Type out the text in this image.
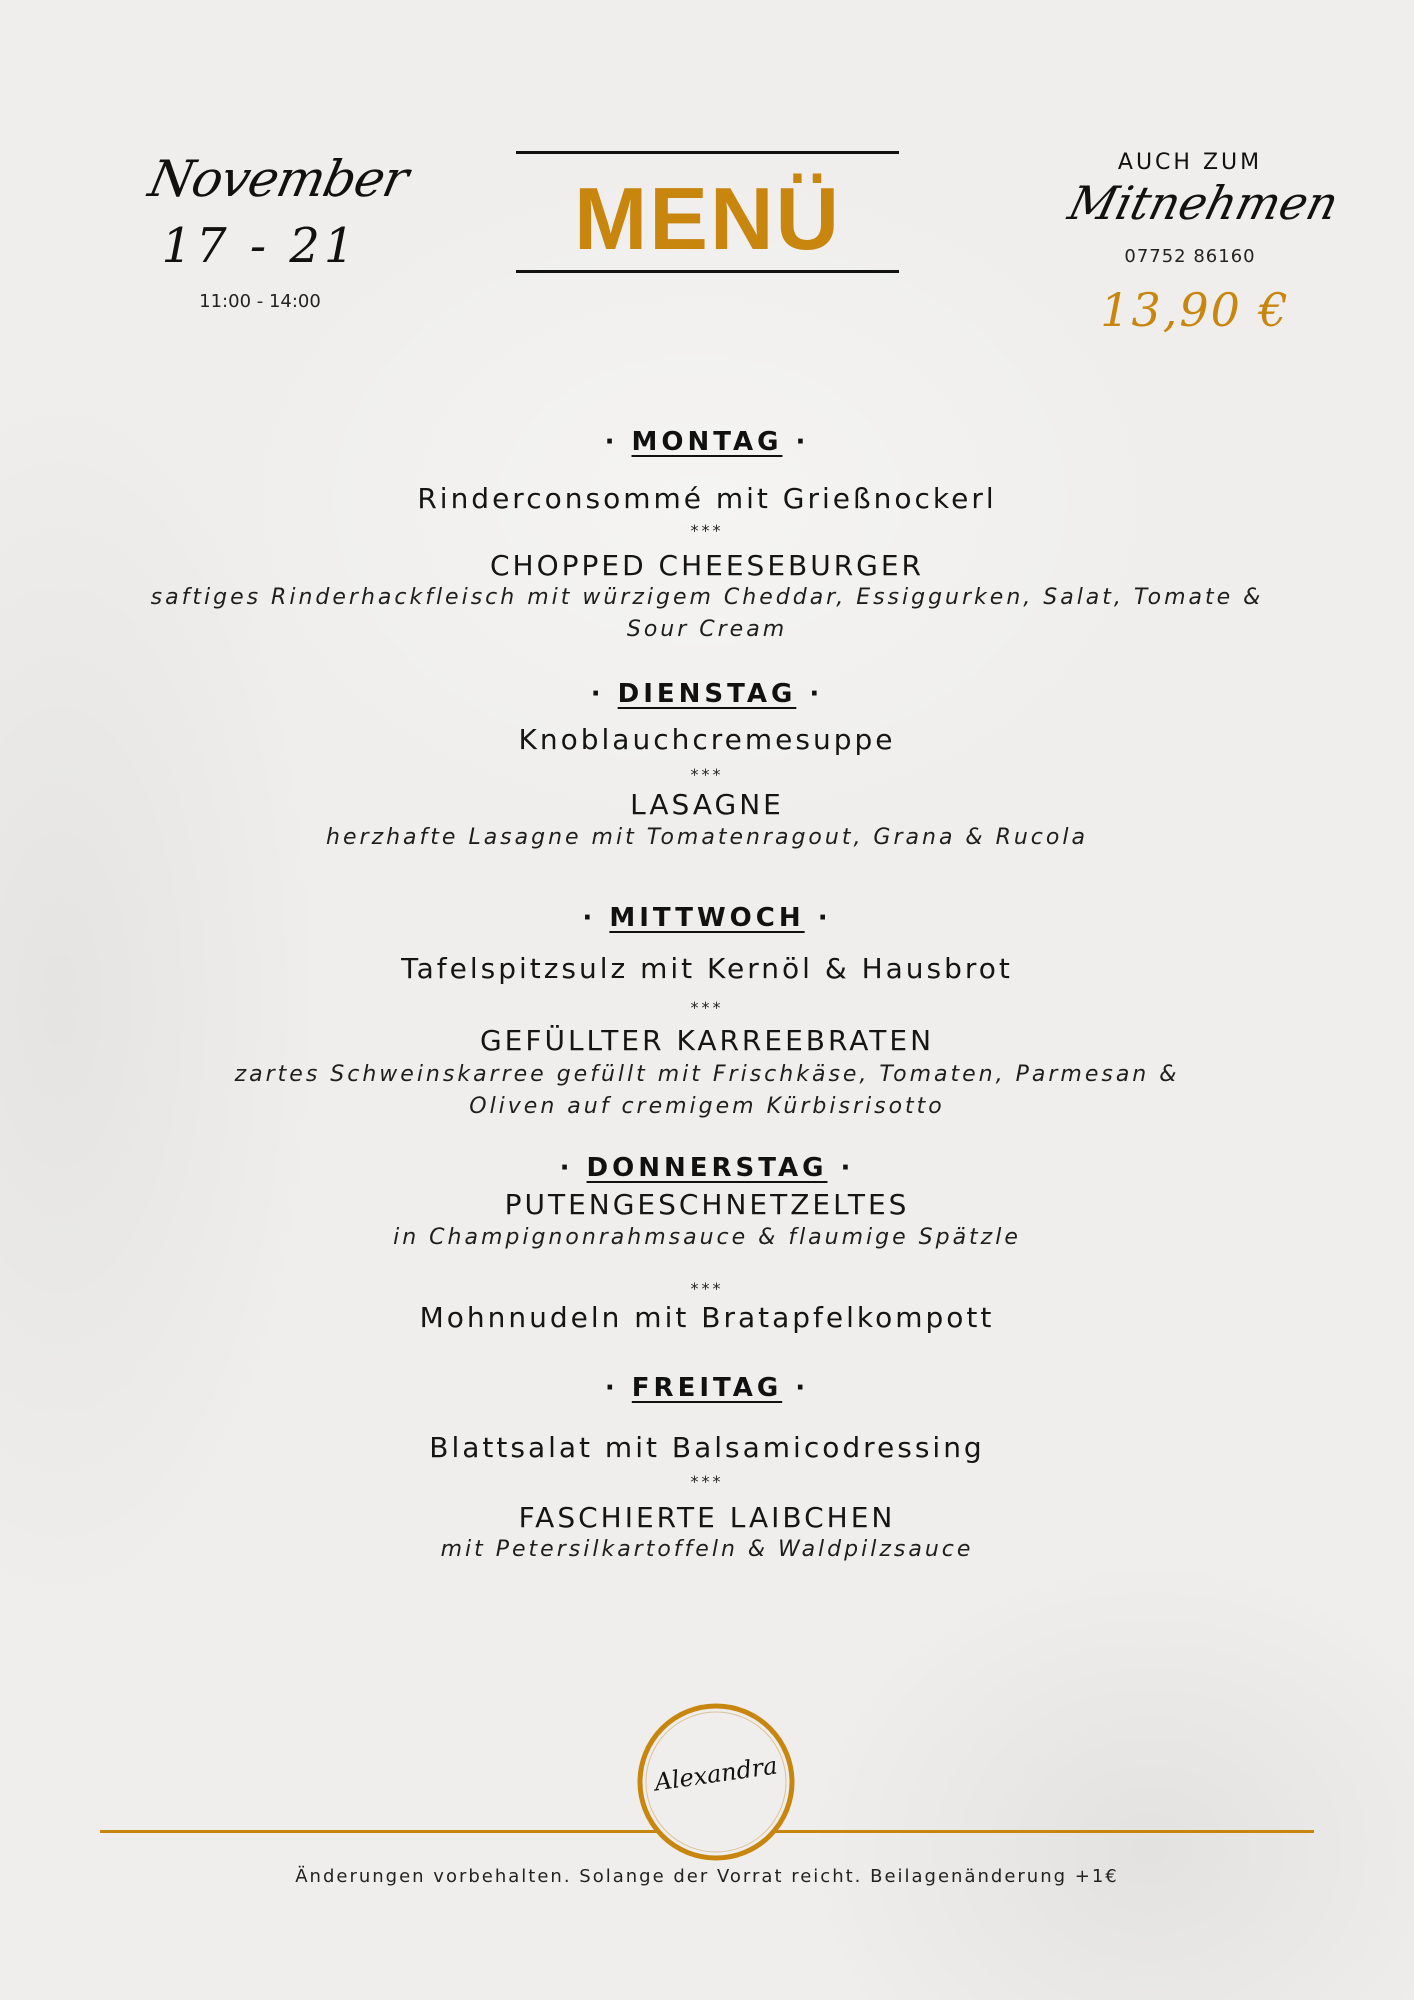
November
17 - 21
11:00 - 14:00
MENÜ
AUCH ZUM
Mitnehmen
07752 86160
13,90 €
· MONTAG ·
Rinderconsommé mit Grießnockerl
***
CHOPPED CHEESEBURGER
saftiges Rinderhackfleisch mit würzigem Cheddar, Essiggurken, Salat, Tomate & Sour Cream
· DIENSTAG ·
Knoblauchcremesuppe
***
LASAGNE
herzhafte Lasagne mit Tomatenragout, Grana & Rucola
· MITTWOCH ·
Tafelspitzsulz mit Kernöl & Hausbrot
***
GEFÜLLTER KARREEBRATEN
zartes Schweinskarree gefüllt mit Frischkäse, Tomaten, Parmesan & Oliven auf cremigem Kürbisrisotto
· DONNERSTAG ·
PUTENGESCHNETZELTES
in Champignonrahmsauce & flaumige Spätzle
***
Mohnnudeln mit Bratapfelkompott
· FREITAG ·
Blattsalat mit Balsamicodressing
***
FASCHIERTE LAIBCHEN
mit Petersilkartoffeln & Waldpilzsauce
Alexandra
Änderungen vorbehalten. Solange der Vorrat reicht. Beilagenänderung +1€
